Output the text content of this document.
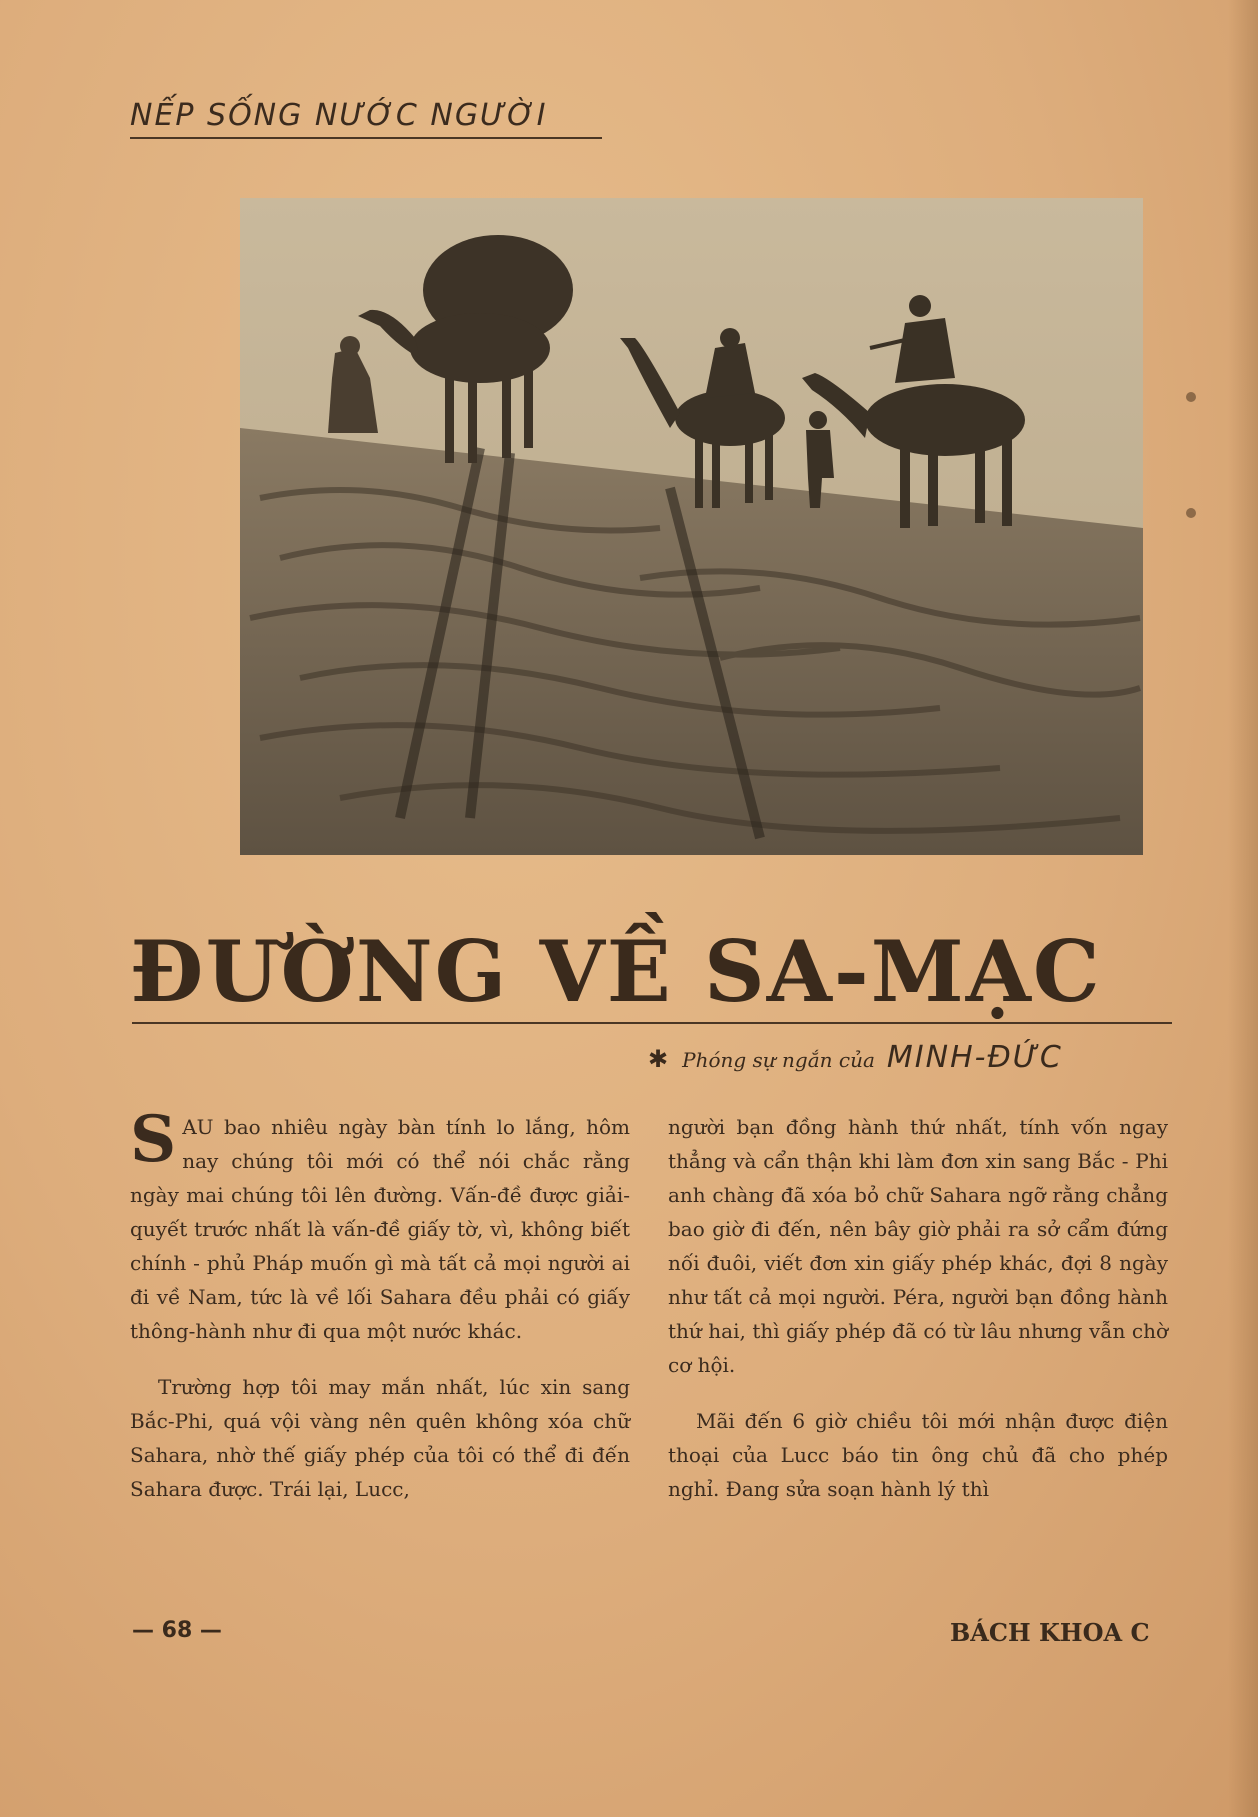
NẾP SỐNG NƯỚC NGƯỜI
ĐƯỜNG VỀ SA-MẠC
✱ Phóng sự ngắn của MINH-ĐỨC

SAU bao nhiêu ngày bàn tính lo lắng, hôm nay chúng tôi mới có thể nói chắc rằng ngày mai chúng tôi lên đường. Vấn-đề được giải-quyết trước nhất là vấn-đề giấy tờ, vì, không biết chính - phủ Pháp muốn gì mà tất cả mọi người ai đi về Nam, tức là về lối Sahara đều phải có giấy thông-hành như đi qua một nước khác.

Trường hợp tôi may mắn nhất, lúc xin sang Bắc-Phi, quá vội vàng nên quên không xóa chữ Sahara, nhờ thế giấy phép của tôi có thể đi đến Sahara được. Trái lại, Lucc,

người bạn đồng hành thứ nhất, tính vốn ngay thẳng và cẩn thận khi làm đơn xin sang Bắc - Phi anh chàng đã xóa bỏ chữ Sahara ngỡ rằng chẳng bao giờ đi đến, nên bây giờ phải ra sở cẩm đứng nối đuôi, viết đơn xin giấy phép khác, đợi 8 ngày như tất cả mọi người. Péra, người bạn đồng hành thứ hai, thì giấy phép đã có từ lâu nhưng vẫn chờ cơ hội.

Mãi đến 6 giờ chiều tôi mới nhận được điện thoại của Lucc báo tin ông chủ đã cho phép nghỉ. Đang sửa soạn hành lý thì

— 68 —	BÁCH KHOA C
